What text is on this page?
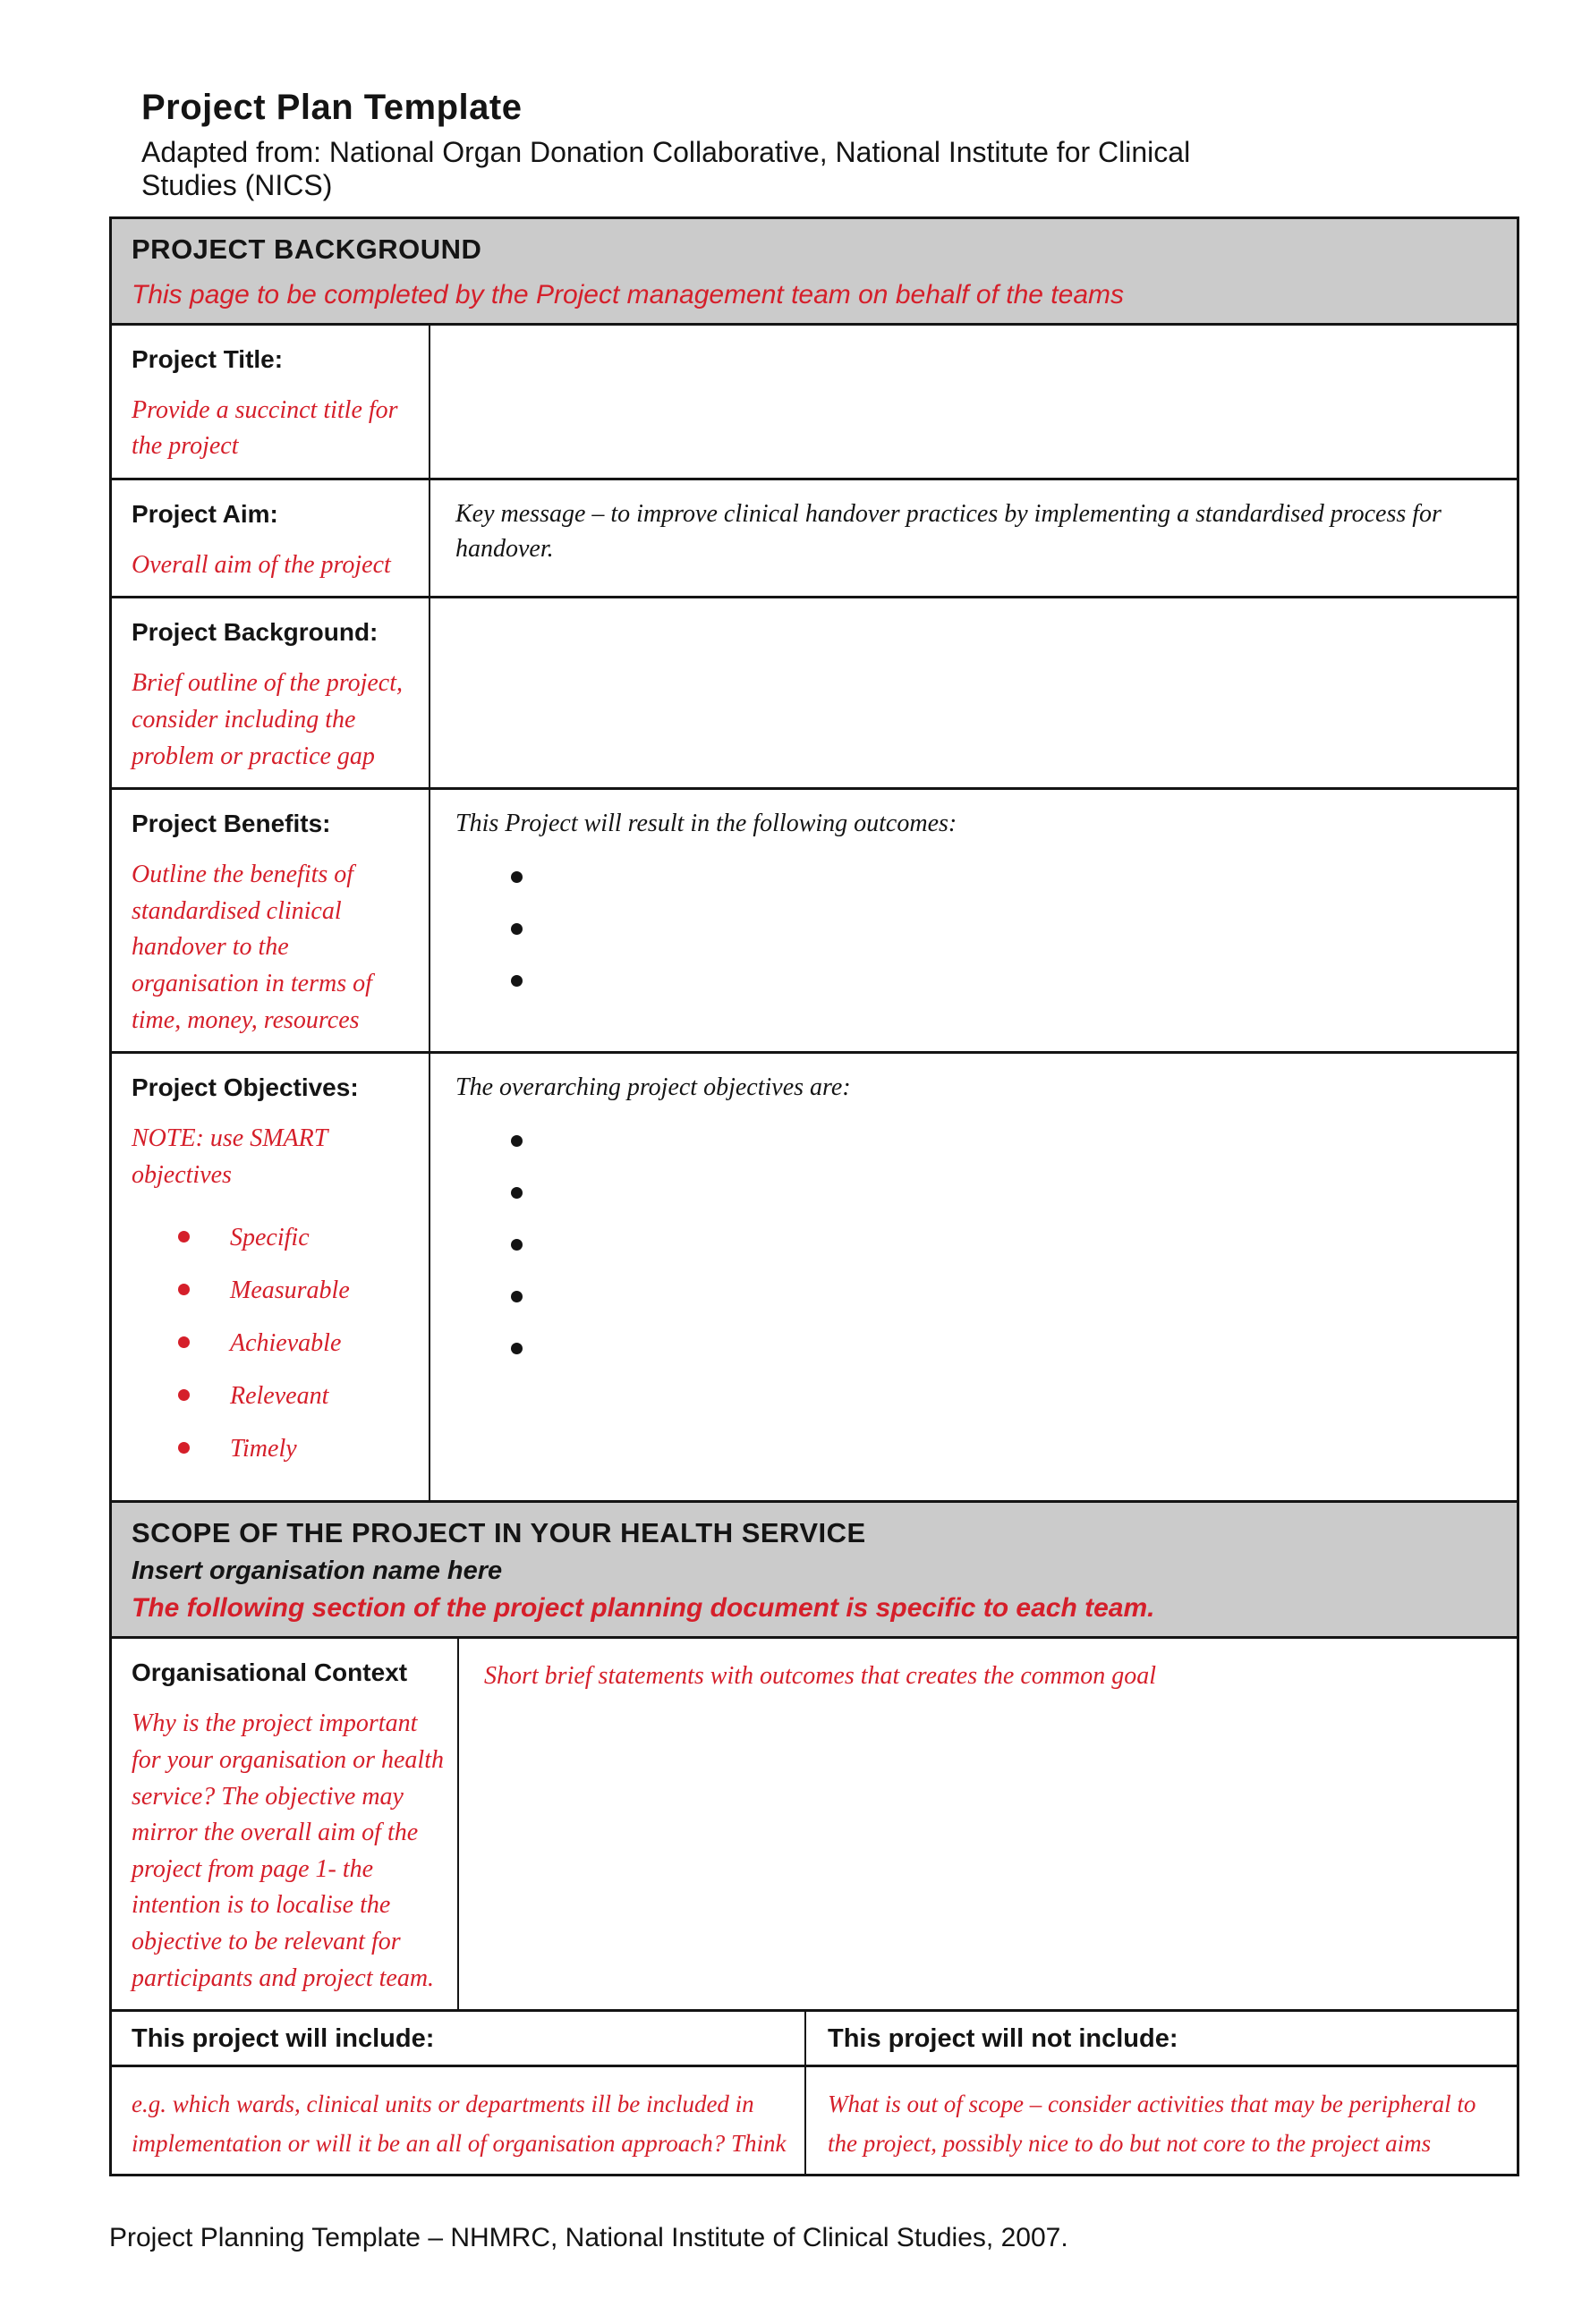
Project Plan Template
Adapted from: National Organ Donation Collaborative, National Institute for Clinical Studies (NICS)
PROJECT BACKGROUND
This page to be completed by the Project management team on behalf of the teams
Project Title:
Provide a succinct title for the project
Project Aim:
Overall aim of the project
Key message – to improve clinical handover practices by implementing a standardised process for handover.
Project Background:
Brief outline of the project, consider including the problem or practice gap
Project Benefits:
Outline the benefits of standardised clinical handover to the organisation in terms of time, money, resources
This Project will result in the following outcomes:
Project Objectives:
NOTE: use SMART objectives
Specific
Measurable
Achievable
Releveant
Timely
The overarching project objectives are:
SCOPE OF THE PROJECT IN YOUR HEALTH SERVICE
Insert organisation name here
The following section of the project planning document is specific to each team.
Organisational Context
Why is the project important for your organisation or health service? The objective may mirror the overall aim of the project from page 1- the intention is to localise the objective to be relevant for participants and project team.
Short brief statements with outcomes that creates the common goal
This project will include:	This project will not include:
e.g. which wards, clinical units or departments ill be included in implementation or will it be an all of organisation approach? Think
What is out of scope – consider activities that may be peripheral to the project, possibly nice to do but not core to the project aims
Project Planning Template – NHMRC, National Institute of Clinical Studies, 2007.
